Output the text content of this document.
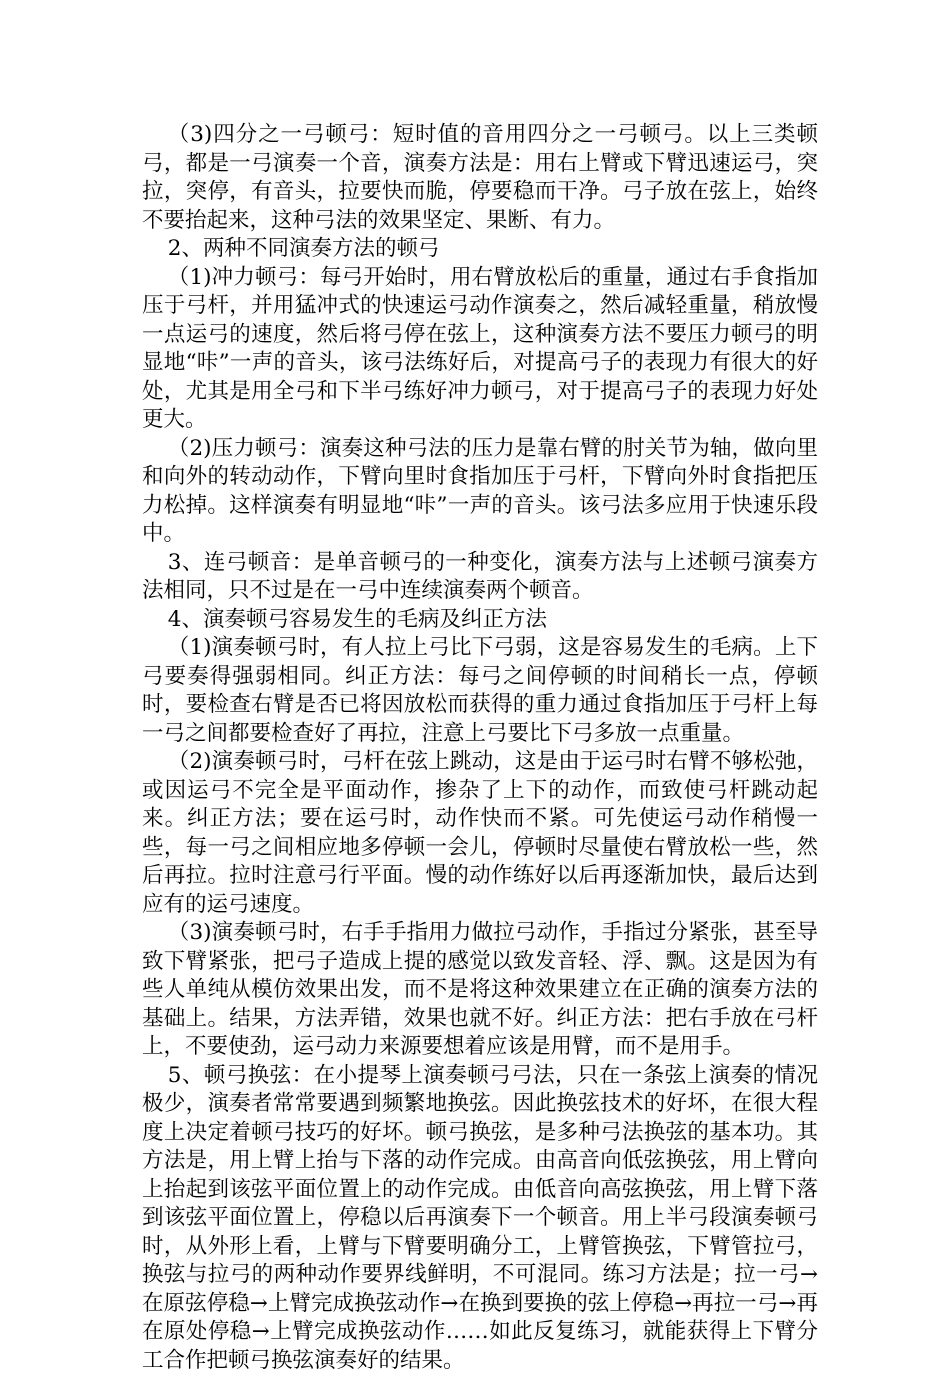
（3)四分之一弓顿弓：短时值的音用四分之一弓顿弓。以上三类顿弓，都是一弓演奏一个音，演奏方法是：用右上臂或下臂迅速运弓，突拉，突停，有音头，拉要快而脆，停要稳而干净。弓子放在弦上，始终不要抬起来，这种弓法的效果坚定、果断、有力。

2、两种不同演奏方法的顿弓

（1)冲力顿弓：每弓开始时，用右臂放松后的重量，通过右手食指加压于弓杆，并用猛冲式的快速运弓动作演奏之，然后减轻重量，稍放慢一点运弓的速度，然后将弓停在弦上，这种演奏方法不要压力顿弓的明显地“咔”一声的音头，该弓法练好后，对提高弓子的表现力有很大的好处，尤其是用全弓和下半弓练好冲力顿弓，对于提高弓子的表现力好处更大。

（2)压力顿弓：演奏这种弓法的压力是靠右臂的肘关节为轴，做向里和向外的转动动作，下臂向里时食指加压于弓杆，下臂向外时食指把压力松掉。这样演奏有明显地“咔”一声的音头。该弓法多应用于快速乐段中。

3、连弓顿音：是单音顿弓的一种变化，演奏方法与上述顿弓演奏方法相同，只不过是在一弓中连续演奏两个顿音。

4、演奏顿弓容易发生的毛病及纠正方法

（1)演奏顿弓时，有人拉上弓比下弓弱，这是容易发生的毛病。上下弓要奏得强弱相同。纠正方法：每弓之间停顿的时间稍长一点，停顿时，要检查右臂是否已将因放松而获得的重力通过食指加压于弓杆上每一弓之间都要检查好了再拉，注意上弓要比下弓多放一点重量。

（2)演奏顿弓时，弓杆在弦上跳动，这是由于运弓时右臂不够松弛，或因运弓不完全是平面动作，掺杂了上下的动作，而致使弓杆跳动起来。纠正方法；要在运弓时，动作快而不紧。可先使运弓动作稍慢一些，每一弓之间相应地多停顿一会儿，停顿时尽量使右臂放松一些，然后再拉。拉时注意弓行平面。慢的动作练好以后再逐渐加快，最后达到应有的运弓速度。

（3)演奏顿弓时，右手手指用力做拉弓动作，手指过分紧张，甚至导致下臂紧张，把弓子造成上提的感觉以致发音轻、浮、飘。这是因为有些人单纯从模仿效果出发，而不是将这种效果建立在正确的演奏方法的基础上。结果，方法弄错，效果也就不好。纠正方法：把右手放在弓杆上，不要使劲，运弓动力来源要想着应该是用臂，而不是用手。

5、顿弓换弦：在小提琴上演奏顿弓弓法，只在一条弦上演奏的情况极少，演奏者常常要遇到频繁地换弦。因此换弦技术的好坏，在很大程度上决定着顿弓技巧的好坏。顿弓换弦，是多种弓法换弦的基本功。其方法是，用上臂上抬与下落的动作完成。由高音向低弦换弦，用上臂向上抬起到该弦平面位置上的动作完成。由低音向高弦换弦，用上臂下落到该弦平面位置上，停稳以后再演奏下一个顿音。用上半弓段演奏顿弓时，从外形上看，上臂与下臂要明确分工，上臂管换弦，下臂管拉弓，换弦与拉弓的两种动作要界线鲜明，不可混同。练习方法是；拉一弓→在原弦停稳→上臂完成换弦动作→在换到要换的弦上停稳→再拉一弓→再在原处停稳→上臂完成换弦动作……如此反复练习，就能获得上下臂分工合作把顿弓换弦演奏好的结果。
